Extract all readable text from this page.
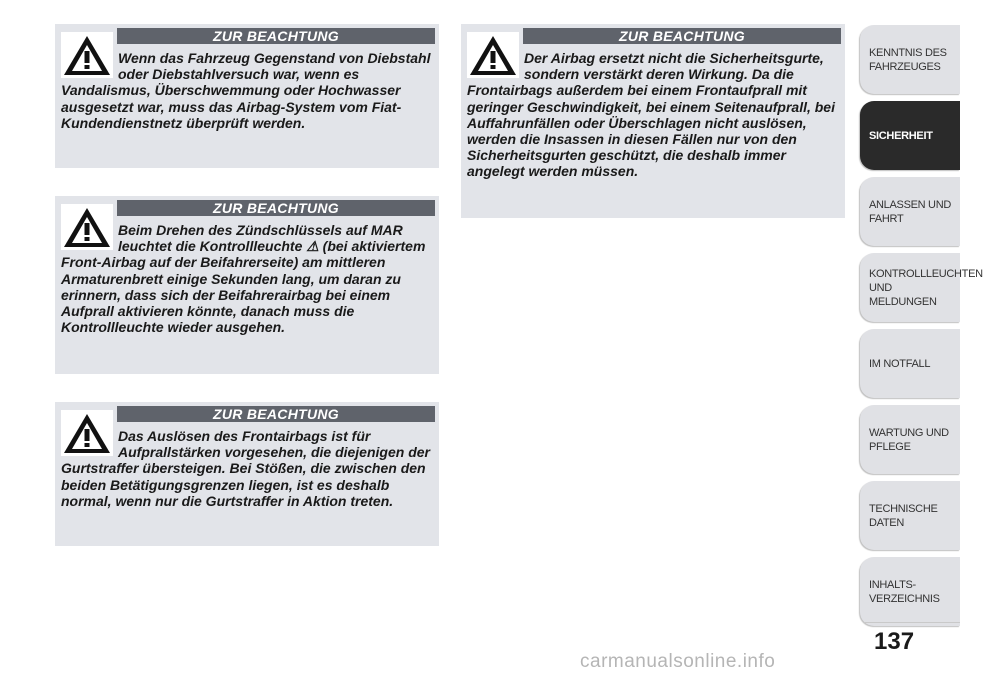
ZUR BEACHTUNG

Wenn das Fahrzeug Gegenstand von Diebstahl oder Diebstahlversuch war, wenn es Vandalismus, Überschwemmung oder Hochwasser ausgesetzt war, muss das Airbag-System vom Fiat-Kundendienstnetz überprüft werden.

ZUR BEACHTUNG

Beim Drehen des Zündschlüssels auf MAR leuchtet die Kontrollleuchte ⚠ (bei aktiviertem Front-Airbag auf der Beifahrerseite) am mittleren Armaturenbrett einige Sekunden lang, um daran zu erinnern, dass sich der Beifahrerairbag bei einem Aufprall aktivieren könnte, danach muss die Kontrollleuchte wieder ausgehen.

ZUR BEACHTUNG

Das Auslösen des Frontairbags ist für Aufprallstärken vorgesehen, die diejenigen der Gurtstraffer übersteigen. Bei Stößen, die zwischen den beiden Betätigungsgrenzen liegen, ist es deshalb normal, wenn nur die Gurtstraffer in Aktion treten.

ZUR BEACHTUNG

Der Airbag ersetzt nicht die Sicherheitsgurte, sondern verstärkt deren Wirkung. Da die Frontairbags außerdem bei einem Frontaufprall mit geringer Geschwindigkeit, bei einem Seitenaufprall, bei Auffahrunfällen oder Überschlagen nicht auslösen, werden die Insassen in diesen Fällen nur von den Sicherheitsgurten geschützt, die deshalb immer angelegt werden müssen.

KENNTNIS DES
FAHRZEUGES
SICHERHEIT
ANLASSEN UND
FAHRT
KONTROLLLEUCHTEN
UND MELDUNGEN
IM NOTFALL
WARTUNG UND
PFLEGE
TECHNISCHE DATEN
INHALTS-
VERZEICHNIS
137
carmanualsonline.info
